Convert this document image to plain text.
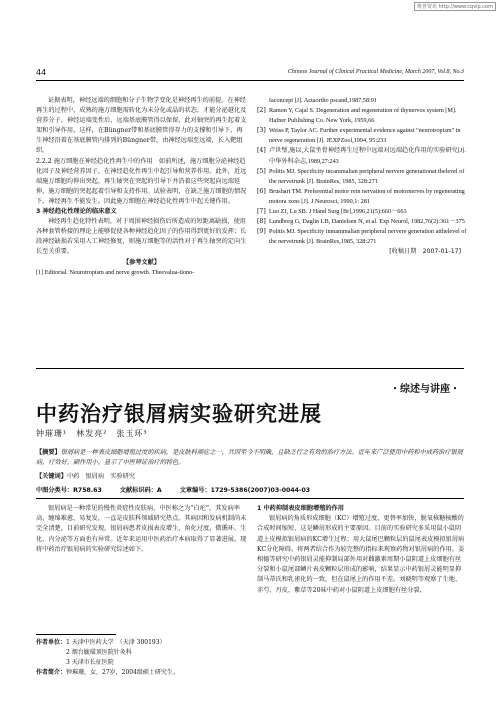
维普资讯 http://www.cqvip.com
44	Chinese Journal of Clinical Practical Medicine, March 2007, Vol.8, No.3

证据表明，神经远端的细胞和分子生物学变化是神经再生的前提。在神经再生的过程中，成熟的施万细胞需转化为未分化或晶的状态，才能分泌越化及营养分子。神经运端变性后，远端基底膜管得以保留，此对轴突的再生起着支架和引导作用，这样，在Büngner带和基底膜管得存力的支撑和引导下，再生神经沿着在基底膜管内排列的Büngner带，由神经远端至远端，长入靶组织。

2.2.2 施万细胞在神经趋化性再生中的作用　 如前所述，施万细胞分泌神经趋化因子及神经营养因子，在神经趋化性再生中起引导和营养作用。此外，近远端施万细胞均伸出突起，再生轴突在突起的引导下并沿着这些突起向远端延伸，施万细胞的突起起着引导和支持作用。试验表明，在缺乏施万细胞的情况下，神经再生不能发生。因此施万细胞在神经趋化性再生中起关键作用。

3 神经趋化性理论的临床意义

神经再生趋化特性表明，对于周围神经损伤后所造成的短距离缺损，使用各种套管桥接的理论上能够促使各种神经趋化因子的作用得到更好的发挥；长段神经缺损若采用人工神经修复，则施万细胞等的活性对于再生轴突的定向生长至关重要。

【参考文献】

[1] Editorial. Neurotropism and nerve growth. Theevalua-tiono-

faconcept [J]. Actaortho pscand,1987,58:91
[2] Ramon Y, Cajal S. Degeneration and regeneration of thynervos system [M]. Hafner Publishing Co. New York, 1959,66
[3] Weiss P, Taylor AC. Further experimental evidence against "neurotropism" in nerve regeneration [J]. JEXPZool,1994, 95:233
[4] 卢世璧,施以,大鼠坐骨神经再生过程中远端对远端趋化作用的实验研究[J].中华外科杂志,1989,27:243
[5] Politis MJ. Specificity incammalian peripheral nervere generationat thelevel of the nervetrunk [J]. BrainRes, 1985, 328:271
[6] Brushart TM. Preferential motor rein nervation of motornerves by regenerating motora xons [J]. J Neurosci, 1990,1: 281
[7] Luo ZJ, Lu SB. J Hand Surg [Br],1996,21(5):660－663
[8] Lundborg G, Daglin LB, Danielsen N, et al. Exp Neurol, 1982,76(2):361－375
[9] Politis MJ. Specificity inmammalian peripheral nervere generation atthelevel of the nervetrunk [J]. BrainRes,1985, 328:271

[收稿日期　2007-01-17]

・综述与讲座・
中药治疗银屑病实验研究进展
钟璀珊¹　林发亮²　张玉环³
【摘要】银屑病是一种表皮细胞增殖过度的疾病，是皮肤科顽症之一，共因至今不明确，且缺乏行之有效的治疗方法。近年来广泛使用中药和中成药治疗银屑病，疗效好，副作用小，显示了中医辨证治疗的特色。
【关键词】中药　银屑病　实验研究
中图分类号：R758.63	文献标识码：A	文章编号：1729-5386(2007)03-0044-03

银屑病是一种常见的慢性炎症性皮肤病，中医称之为“白疕”，其发病率高，缠绵难愈，易复发，一直是皮肤科领域研究热点。其病因和发病机制尚未完全清楚，目前研究发现，银屑病患者皮损表皮增生，角化过度，微循环、生化、内分泌等方面也有异常。近年来运用中医药治疗本病取得了显著进展，现将中药治疗银屑病的实验研究综述如下。

1 中药抑制表皮细胞增殖的作用

银屑病的角质形成细胞（KC）增殖过度，更替率加快，脱氧核糖核酸的合成时间缩短，这是鳞屑形成的主要原因。目前的实验研究多采用鼠小鼠阴道上皮模拟银屑病的KC增生过程；用大鼠尾巴颗粒层的鼠尾表皮模拟银屑病KC分化障碍。将两者结合作为较完整的指标来观察药物对银屑病的作用。姜相德等研究中药银屑灵能抑制局部外用对雌激素周期小鼠阴道上皮细胞有丝分裂和小鼠尾部鳞片表皮颗粒层形成的影响，结果显示中药银屑灵能明显抑制马蒂氏和乳雀化的一致，但在鼠尾上的作用不差。刘晓明等观察了生地、赤芍、丹皮、紫草等20味中药对小鼠阴道上皮细胞有丝分裂、

作者单位：1 天津中医药大学　（天津 300193）
2 烟台毓璜顶医院针灸科
3 天津市长征医院
作者简介：钟璀珊，女，27岁，2004级硕士研究生。
